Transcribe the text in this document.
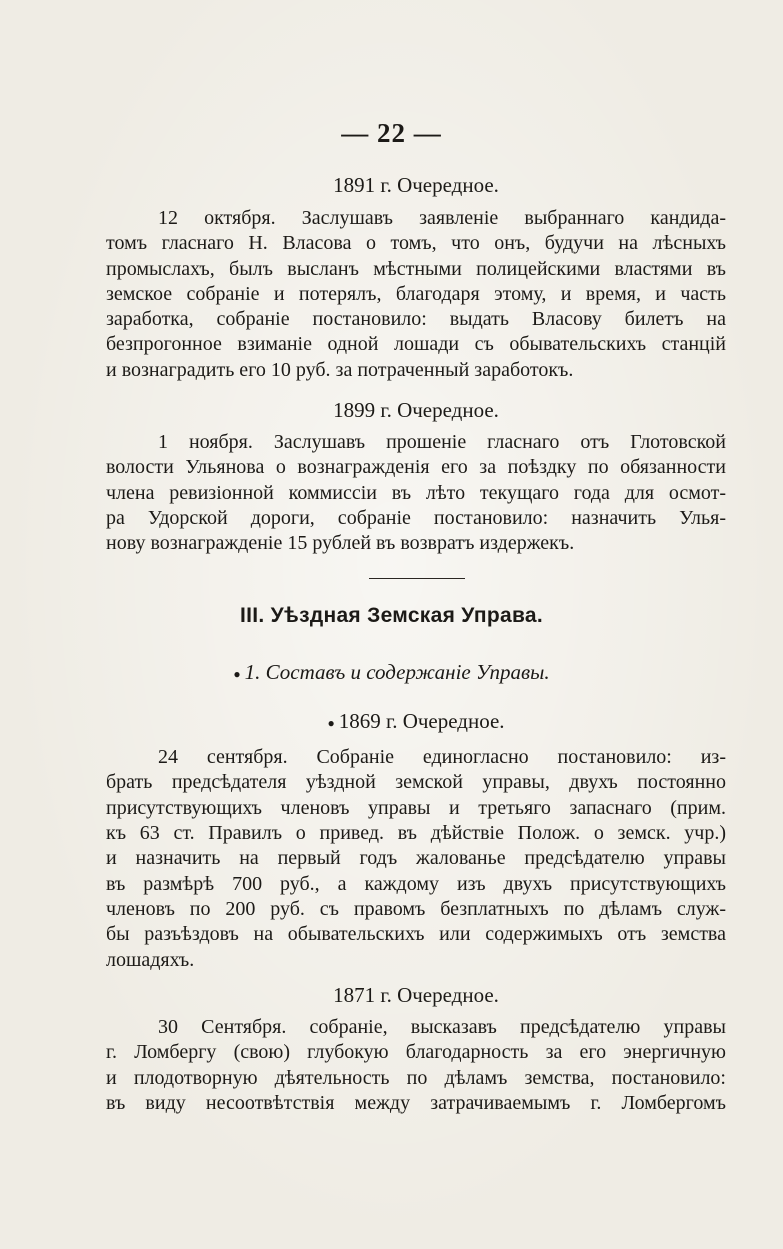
— 22 —
1891 г. Очередное.
12 октября. Заслушавъ заявленіе выбраннаго кандида-
томъ гласнаго Н. Власова о томъ, что онъ, будучи на лѣсныхъ
промыслахъ, былъ высланъ мѣстными полицейскими властями въ
земское собраніе и потерялъ, благодаря этому, и время, и часть
заработка, собраніе постановило: выдать Власову билетъ на
безпрогонное взиманіе одной лошади съ обывательскихъ станцій
и вознаградить его 10 руб. за потраченный заработокъ.
1899 г. Очередное.
1 ноября. Заслушавъ прошеніе гласнаго отъ Глотовской
волости Ульянова о вознагражденія его за поѣздку по обязанности
члена ревизіонной коммиссіи въ лѣто текущаго года для осмот-
ра Удорской дороги, собраніе постановило: назначить Улья-
нову вознагражденіе 15 рублей въ возвратъ издержекъ.
III. Уѣздная Земская Управа.
● 1. Составъ и содержаніе Управы.
● 1869 г. Очередное.
24 сентября. Собраніе единогласно постановило: из-
брать предсѣдателя уѣздной земской управы, двухъ постоянно
присутствующихъ членовъ управы и третьяго запаснаго (прим.
къ 63 ст. Правилъ о привед. въ дѣйствіе Полож. о земск. учр.)
и назначить на первый годъ жалованье предсѣдателю управы
въ размѣрѣ 700 руб., а каждому изъ двухъ присутствующихъ
членовъ по 200 руб. съ правомъ безплатныхъ по дѣламъ служ-
бы разъѣздовъ на обывательскихъ или содержимыхъ отъ земства
лошадяхъ.
1871 г. Очередное.
30 Сентября. собраніе, высказавъ предсѣдателю управы
г. Ломбергу (свою) глубокую благодарность за его энергичную
и плодотворную дѣятельность по дѣламъ земства, постановило:
въ виду несоотвѣтствія между затрачиваемымъ г. Ломбергомъ
